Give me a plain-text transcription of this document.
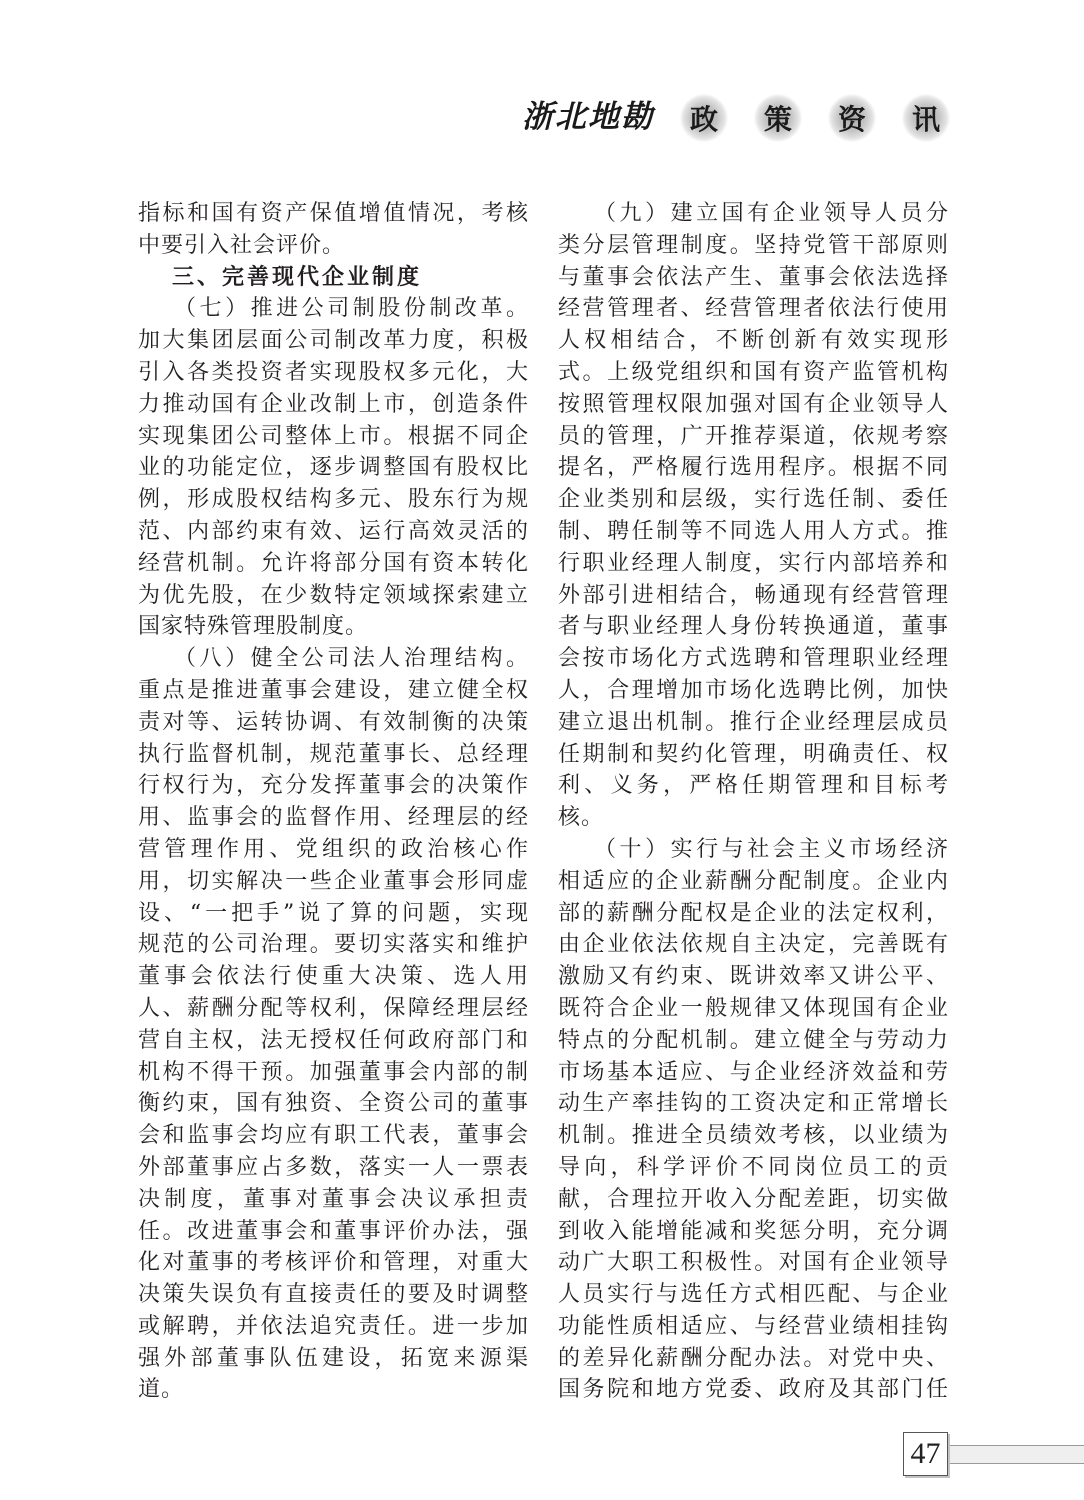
浙北地勘	政	策	资	讯
指标和国有资产保值增值情况，考核
中要引入社会评价。
三、完善现代企业制度
（七）推进公司制股份制改革。
加大集团层面公司制改革力度，积极
引入各类投资者实现股权多元化，大
力推动国有企业改制上市，创造条件
实现集团公司整体上市。根据不同企
业的功能定位，逐步调整国有股权比
例，形成股权结构多元、股东行为规
范、内部约束有效、运行高效灵活的
经营机制。允许将部分国有资本转化
为优先股，在少数特定领域探索建立
国家特殊管理股制度。
（八）健全公司法人治理结构。
重点是推进董事会建设，建立健全权
责对等、运转协调、有效制衡的决策
执行监督机制，规范董事长、总经理
行权行为，充分发挥董事会的决策作
用、监事会的监督作用、经理层的经
营管理作用、党组织的政治核心作
用，切实解决一些企业董事会形同虚
设、“一把手”说了算的问题，实现
规范的公司治理。要切实落实和维护
董事会依法行使重大决策、选人用
人、薪酬分配等权利，保障经理层经
营自主权，法无授权任何政府部门和
机构不得干预。加强董事会内部的制
衡约束，国有独资、全资公司的董事
会和监事会均应有职工代表，董事会
外部董事应占多数，落实一人一票表
决制度，董事对董事会决议承担责
任。改进董事会和董事评价办法，强
化对董事的考核评价和管理，对重大
决策失误负有直接责任的要及时调整
或解聘，并依法追究责任。进一步加
强外部董事队伍建设，拓宽来源渠
道。
（九）建立国有企业领导人员分
类分层管理制度。坚持党管干部原则
与董事会依法产生、董事会依法选择
经营管理者、经营管理者依法行使用
人权相结合，不断创新有效实现形
式。上级党组织和国有资产监管机构
按照管理权限加强对国有企业领导人
员的管理，广开推荐渠道，依规考察
提名，严格履行选用程序。根据不同
企业类别和层级，实行选任制、委任
制、聘任制等不同选人用人方式。推
行职业经理人制度，实行内部培养和
外部引进相结合，畅通现有经营管理
者与职业经理人身份转换通道，董事
会按市场化方式选聘和管理职业经理
人，合理增加市场化选聘比例，加快
建立退出机制。推行企业经理层成员
任期制和契约化管理，明确责任、权
利、义务，严格任期管理和目标考
核。
（十）实行与社会主义市场经济
相适应的企业薪酬分配制度。企业内
部的薪酬分配权是企业的法定权利，
由企业依法依规自主决定，完善既有
激励又有约束、既讲效率又讲公平、
既符合企业一般规律又体现国有企业
特点的分配机制。建立健全与劳动力
市场基本适应、与企业经济效益和劳
动生产率挂钩的工资决定和正常增长
机制。推进全员绩效考核，以业绩为
导向，科学评价不同岗位员工的贡
献，合理拉开收入分配差距，切实做
到收入能增能减和奖惩分明，充分调
动广大职工积极性。对国有企业领导
人员实行与选任方式相匹配、与企业
功能性质相适应、与经营业绩相挂钩
的差异化薪酬分配办法。对党中央、
国务院和地方党委、政府及其部门任
47
